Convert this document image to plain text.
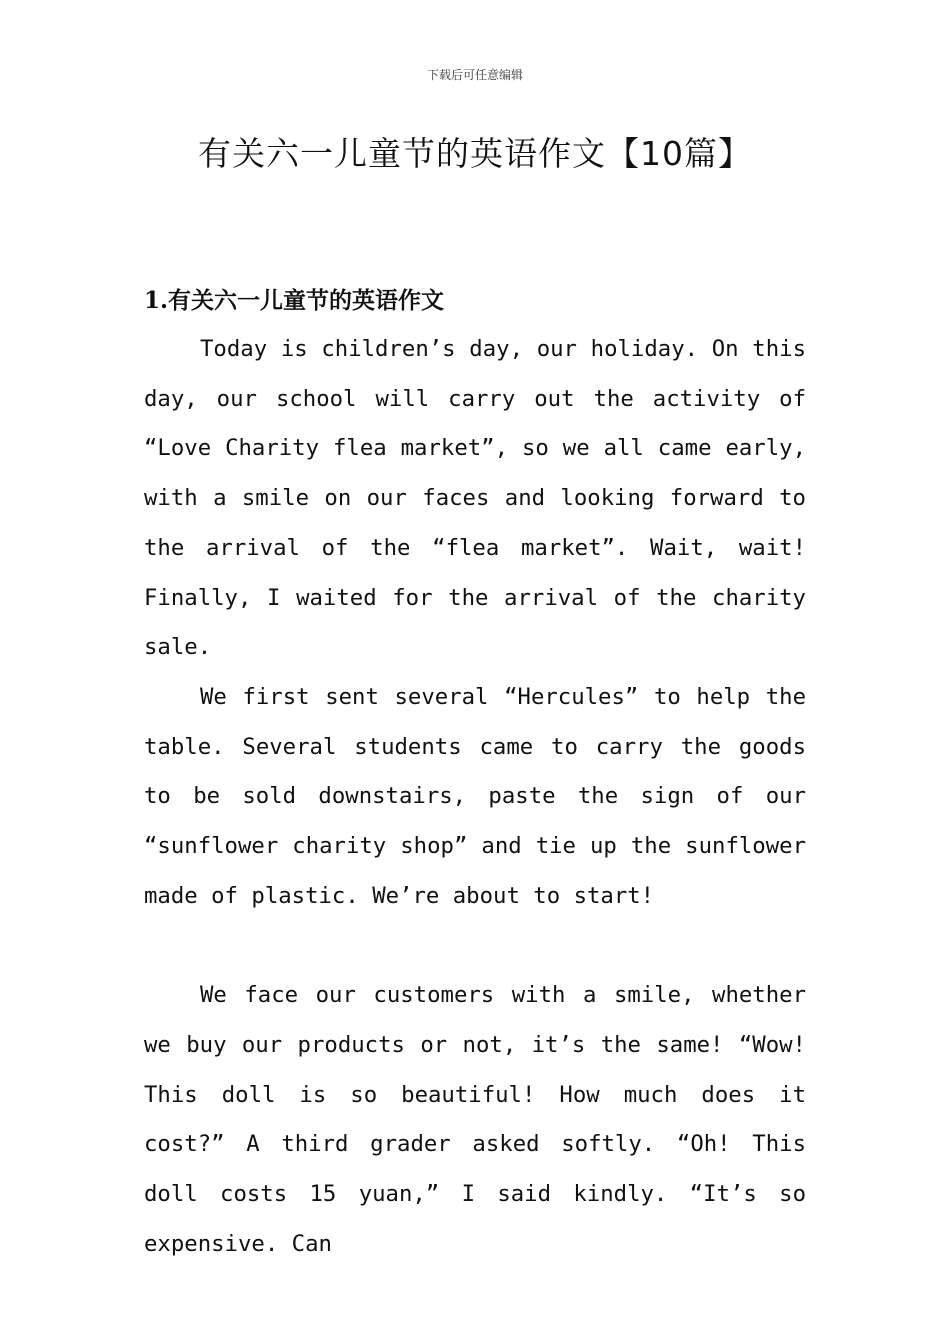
下载后可任意编辑
有关六一儿童节的英语作文【10篇】
1.有关六一儿童节的英语作文

Today is children’s day, our holiday. On this day, our school will carry out the activity of “Love Charity flea market”, so we all came early, with a smile on our faces and looking forward to the arrival of the “flea market”. Wait, wait! Finally, I waited for the arrival of the charity sale.

We first sent several “Hercules” to help the table. Several students came to carry the goods to be sold downstairs, paste the sign of our “sunflower charity shop” and tie up the sunflower made of plastic. We’re about to start!

We face our customers with a smile, whether we buy our products or not, it’s the same! “Wow! This doll is so beautiful! How much does it cost?” A third grader asked softly. “Oh! This doll costs 15 yuan,” I said kindly. “It’s so expensive. Can
